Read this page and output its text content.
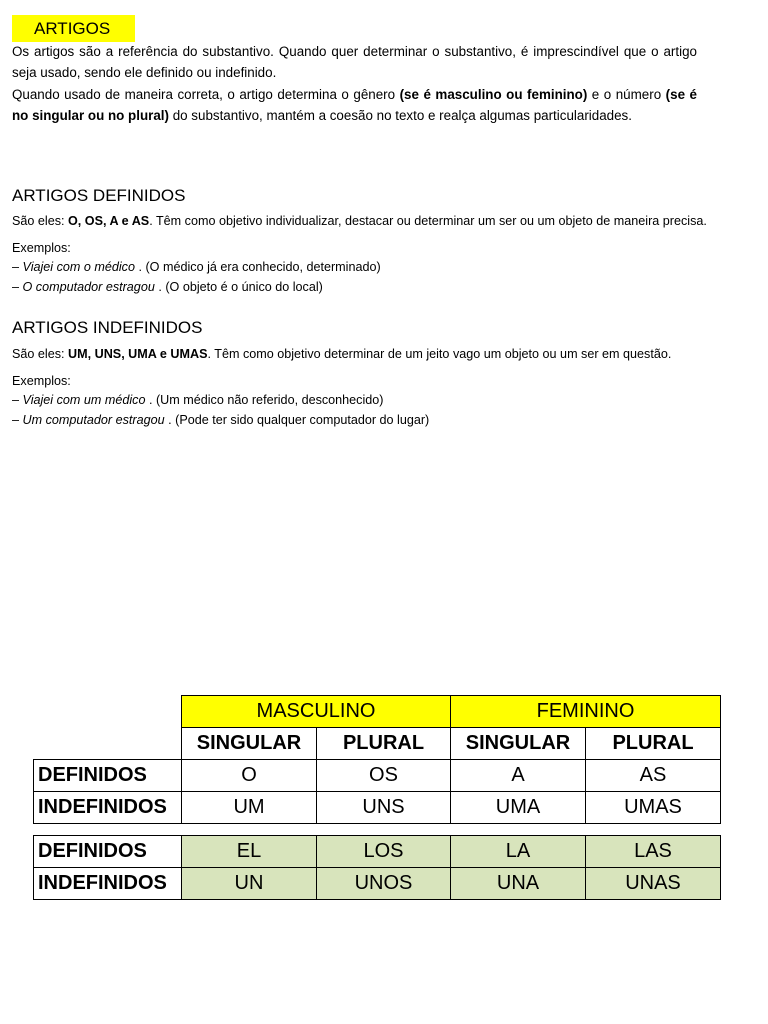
ARTIGOS
Os artigos são a referência do substantivo. Quando quer determinar o substantivo, é imprescindível que o artigo seja usado, sendo ele definido ou indefinido.
Quando usado de maneira correta, o artigo determina o gênero (se é masculino ou feminino) e o número (se é no singular ou no plural) do substantivo, mantém a coesão no texto e realça algumas particularidades.
ARTIGOS DEFINIDOS
São eles: O, OS, A e AS. Têm como objetivo individualizar, destacar ou determinar um ser ou um objeto de maneira precisa.
Exemplos:
– Viajei com o médico . (O médico já era conhecido, determinado)
– O computador estragou . (O objeto é o único do local)
ARTIGOS INDEFINIDOS
São eles: UM, UNS, UMA e UMAS. Têm como objetivo determinar de um jeito vago um objeto ou um ser em questão.
Exemplos:
– Viajei com um médico . (Um médico não referido, desconhecido)
– Um computador estragou . (Pode ter sido qualquer computador do lugar)
	MASCULINO		FEMININO	
	SINGULAR	PLURAL	SINGULAR	PLURAL
DEFINIDOS	O	OS	A	AS
INDEFINIDOS	UM	UNS	UMA	UMAS
DEFINIDOS	EL	LOS	LA	LAS
INDEFINIDOS	UN	UNOS	UNA	UNAS
